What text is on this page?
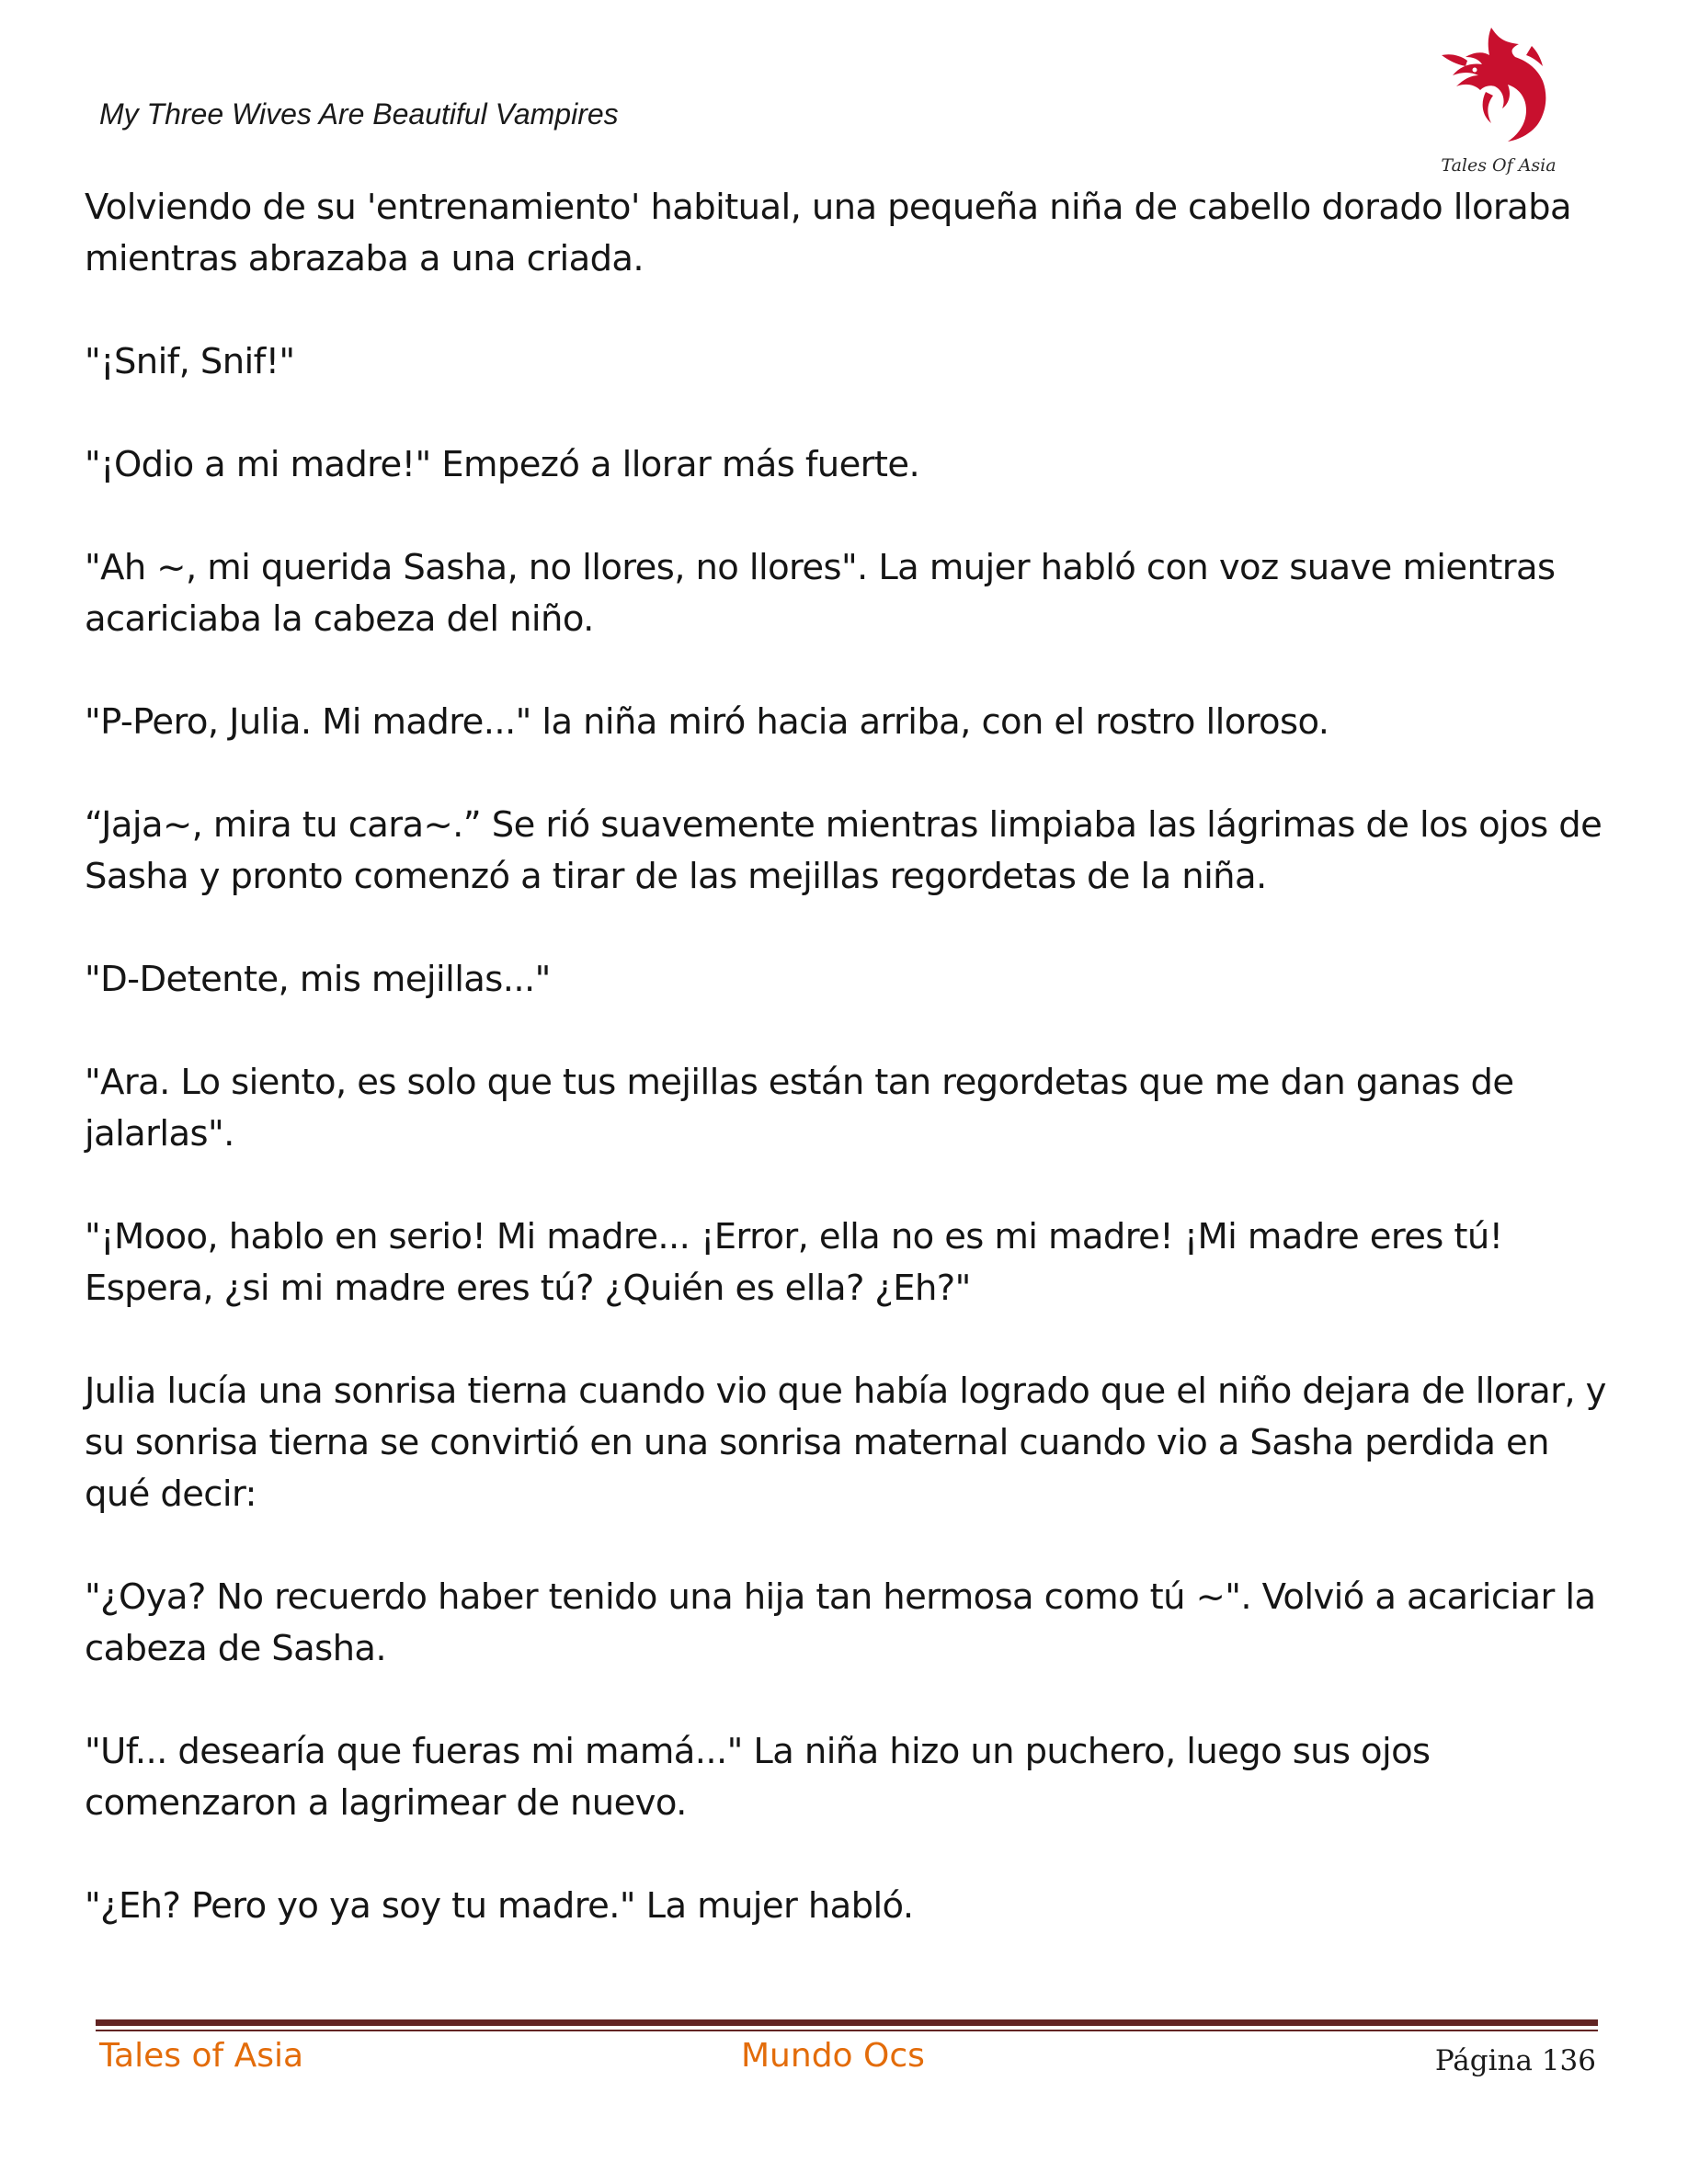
My Three Wives Are Beautiful Vampires
Tales Of Asia

Volviendo de su 'entrenamiento' habitual, una pequeña niña de cabello dorado lloraba mientras abrazaba a una criada.

"¡Snif, Snif!"

"¡Odio a mi madre!" Empezó a llorar más fuerte.

"Ah ~, mi querida Sasha, no llores, no llores". La mujer habló con voz suave mientras acariciaba la cabeza del niño.

"P-Pero, Julia. Mi madre..." la niña miró hacia arriba, con el rostro lloroso.

“Jaja~, mira tu cara~.” Se rió suavemente mientras limpiaba las lágrimas de los ojos de Sasha y pronto comenzó a tirar de las mejillas regordetas de la niña.

"D-Detente, mis mejillas..."

"Ara. Lo siento, es solo que tus mejillas están tan regordetas que me dan ganas de jalarlas".

"¡Mooo, hablo en serio! Mi madre... ¡Error, ella no es mi madre! ¡Mi madre eres tú! Espera, ¿si mi madre eres tú? ¿Quién es ella? ¿Eh?"

Julia lucía una sonrisa tierna cuando vio que había logrado que el niño dejara de llorar, y su sonrisa tierna se convirtió en una sonrisa maternal cuando vio a Sasha perdida en qué decir:

"¿Oya? No recuerdo haber tenido una hija tan hermosa como tú ~". Volvió a acariciar la cabeza de Sasha.

"Uf... desearía que fueras mi mamá..." La niña hizo un puchero, luego sus ojos comenzaron a lagrimear de nuevo.

"¿Eh? Pero yo ya soy tu madre." La mujer habló.

Tales of Asia	Mundo Ocs	Página 136
